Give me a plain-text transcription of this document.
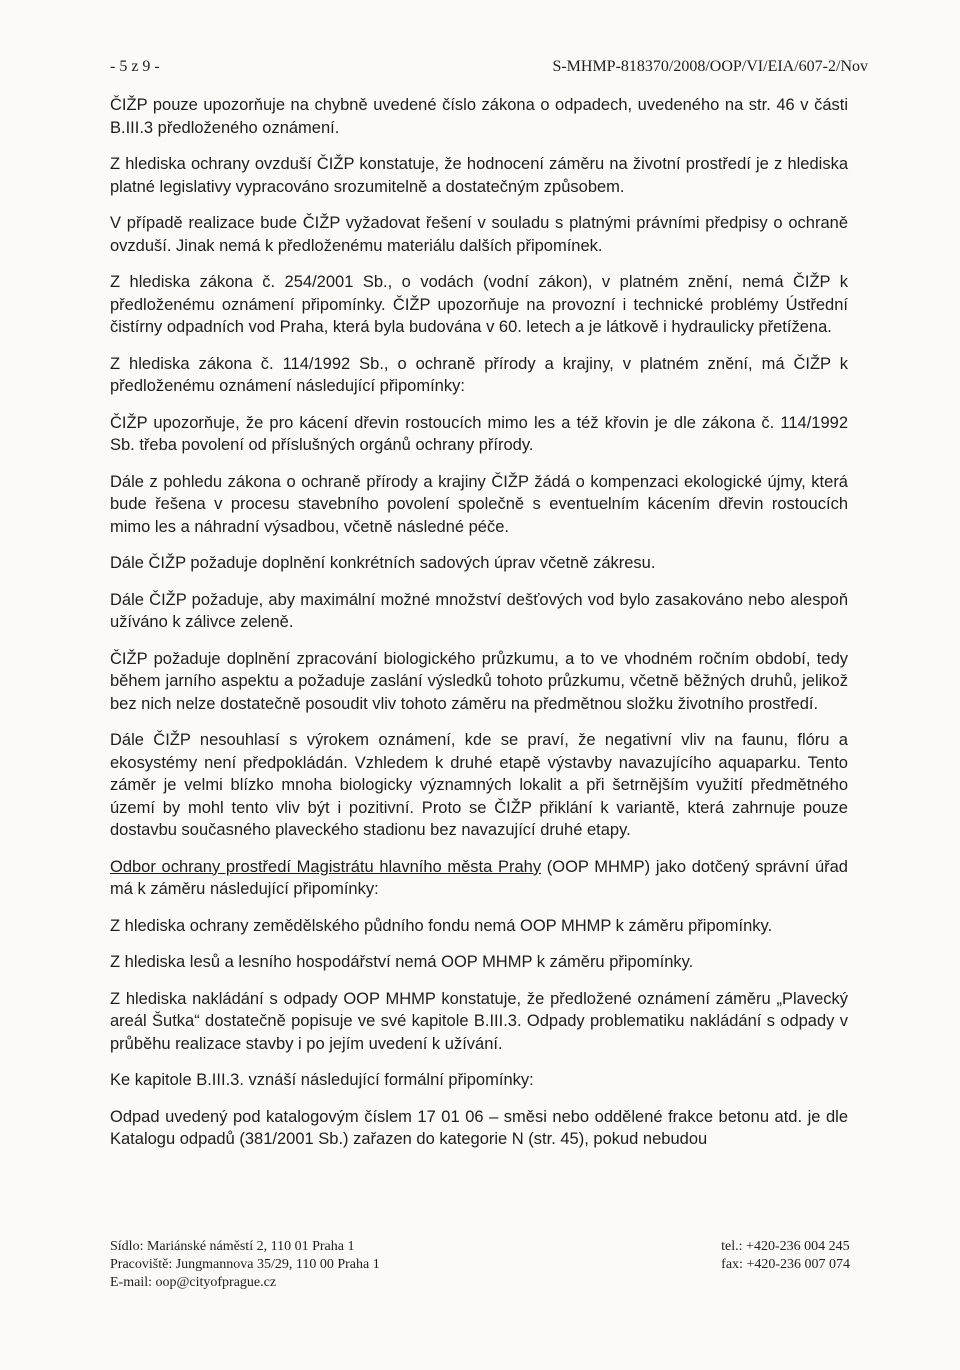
- 5 z 9 -	S-MHMP-818370/2008/OOP/VI/EIA/607-2/Nov

ČIŽP pouze upozorňuje na chybně uvedené číslo zákona o odpadech, uvedeného na str. 46 v části B.III.3 předloženého oznámení.

Z hlediska ochrany ovzduší ČIŽP konstatuje, že hodnocení záměru na životní prostředí je z hlediska platné legislativy vypracováno srozumitelně a dostatečným způsobem.

V případě realizace bude ČIŽP vyžadovat řešení v souladu s platnými právními předpisy o ochraně ovzduší. Jinak nemá k předloženému materiálu dalších připomínek.

Z hlediska zákona č. 254/2001 Sb., o vodách (vodní zákon), v platném znění, nemá ČIŽP k předloženému oznámení připomínky. ČIŽP upozorňuje na provozní i technické problémy Ústřední čistírny odpadních vod Praha, která byla budována v 60. letech a je látkově i hydraulicky přetížena.

Z hlediska zákona č. 114/1992 Sb., o ochraně přírody a krajiny, v platném znění, má ČIŽP k předloženému oznámení následující připomínky:

ČIŽP upozorňuje, že pro kácení dřevin rostoucích mimo les a též křovin je dle zákona č. 114/1992 Sb. třeba povolení od příslušných orgánů ochrany přírody.

Dále z pohledu zákona o ochraně přírody a krajiny ČIŽP žádá o kompenzaci ekologické újmy, která bude řešena v procesu stavebního povolení společně s eventuelním kácením dřevin rostoucích mimo les a náhradní výsadbou, včetně následné péče.

Dále ČIŽP požaduje doplnění konkrétních sadových úprav včetně zákresu.

Dále ČIŽP požaduje, aby maximální možné množství dešťových vod bylo zasakováno nebo alespoň užíváno k zálivce zeleně.

ČIŽP požaduje doplnění zpracování biologického průzkumu, a to ve vhodném ročním období, tedy během jarního aspektu a požaduje zaslání výsledků tohoto průzkumu, včetně běžných druhů, jelikož bez nich nelze dostatečně posoudit vliv tohoto záměru na předmětnou složku životního prostředí.

Dále ČIŽP nesouhlasí s výrokem oznámení, kde se praví, že negativní vliv na faunu, flóru a ekosystémy není předpokládán. Vzhledem k druhé etapě výstavby navazujícího aquaparku. Tento záměr je velmi blízko mnoha biologicky významných lokalit a při šetrnějším využití předmětného území by mohl tento vliv být i pozitivní. Proto se ČIŽP přiklání k variantě, která zahrnuje pouze dostavbu současného plaveckého stadionu bez navazující druhé etapy.

Odbor ochrany prostředí Magistrátu hlavního města Prahy (OOP MHMP) jako dotčený správní úřad má k záměru následující připomínky:

Z hlediska ochrany zemědělského půdního fondu nemá OOP MHMP k záměru připomínky.

Z hlediska lesů a lesního hospodářství nemá OOP MHMP k záměru připomínky.

Z hlediska nakládání s odpady OOP MHMP konstatuje, že předložené oznámení záměru „Plavecký areál Šutka“ dostatečně popisuje ve své kapitole B.III.3. Odpady problematiku nakládání s odpady v průběhu realizace stavby i po jejím uvedení k užívání.

Ke kapitole B.III.3. vznáší následující formální připomínky:

Odpad uvedený pod katalogovým číslem 17 01 06 – směsi nebo oddělené frakce betonu atd. je dle Katalogu odpadů (381/2001 Sb.) zařazen do kategorie N (str. 45), pokud nebudou

Sídlo: Mariánské náměstí 2, 110 01 Praha 1
Pracoviště: Jungmannova 35/29, 110 00 Praha 1
E-mail: oop@cityofprague.cz
tel.: +420-236 004 245
fax: +420-236 007 074
